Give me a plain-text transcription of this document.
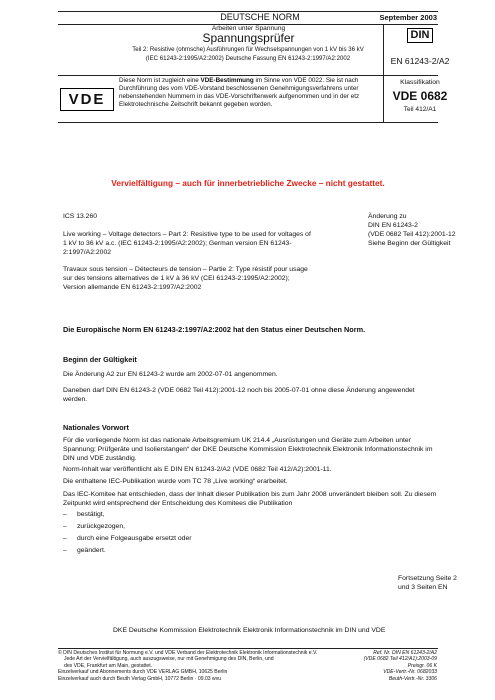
DEUTSCHE NORM	September 2003
Arbeiten unter Spannung
Spannungsprüfer
Teil 2: Resistive (ohmsche) Ausführungen für Wechselspannungen von 1 kV bis 36 kV
(IEC 61243-2:1995/A2:2002) Deutsche Fassung EN 61243-2:1997/A2:2002
DIN
EN 61243-2/A2
VDE
Diese Norm ist zugleich eine VDE-Bestimmung im Sinne von VDE 0022. Sie ist nach Durchführung des vom VDE-Vorstand beschlossenen Genehmigungsverfahrens unter nebenstehenden Nummern in das VDE-Vorschriftenwerk aufgenommen und in der etz Elektrotechnische Zeitschrift bekannt gegeben worden.
Klassifikation
VDE 0682
Teil 412/A1
Vervielfältigung – auch für innerbetriebliche Zwecke – nicht gestattet.
ICS 13.260
Live working – Voltage detectors – Part 2: Resistive type to be used for voltages of 1 kV to 36 kV a.c. (IEC 61243-2:1995/A2:2002); German version EN 61243-2:1997/A2:2002
Travaux sous tension – Détecteurs de tension – Partie 2: Type résistif pour usage sur des tensions alternatives de 1 kV à 36 kV (CEI 61243-2:1995/A2:2002); Version allemande EN 61243-2:1997/A2:2002
Änderung zu
DIN EN 61243-2
(VDE 0682 Teil 412):2001-12
Siehe Beginn der Gültigkeit
Die Europäische Norm EN 61243-2:1997/A2:2002 hat den Status einer Deutschen Norm.
Beginn der Gültigkeit
Die Änderung A2 zur EN 61243-2 wurde am 2002-07-01 angenommen.
Daneben darf DIN EN 61243-2 (VDE 0682 Teil 412):2001-12 noch bis 2005-07-01 ohne diese Änderung angewendet werden.
Nationales Vorwort
Für die vorliegende Norm ist das nationale Arbeitsgremium UK 214.4 „Ausrüstungen und Geräte zum Arbeiten unter Spannung; Prüfgeräte und Isolierstangen“ der DKE Deutsche Kommission Elektrotechnik Elektronik Informationstechnik im DIN und VDE zuständig.
Norm-Inhalt war veröffentlicht als E DIN EN 61243-2/A2 (VDE 0682 Teil 412/A2):2001-11.
Die enthaltene IEC-Publikation wurde vom TC 78 „Live working“ erarbeitet.
Das IEC-Komitee hat entschieden, dass der Inhalt dieser Publikation bis zum Jahr 2008 unverändert bleiben soll. Zu diesem Zeitpunkt wird entsprechend der Entscheidung des Komitees die Publikation
– bestätigt,
– zurückgezogen,
– durch eine Folgeausgabe ersetzt oder
– geändert.
Fortsetzung Seite 2
und 3 Seiten EN
DKE Deutsche Kommission Elektrotechnik Elektronik Informationstechnik im DIN und VDE
© DIN Deutsches Institut für Normung e.V. und VDE Verband der Elektrotechnik Elektronik Informationstechnik e.V.
Jede Art der Vervielfältigung, auch auszugsweise, nur mit Genehmigung des DIN, Berlin, und
des VDE, Frankfurt am Main, gestattet.
Einzelverkauf und Abonnements durch VDE VERLAG GMBH, 10625 Berlin
Einzelverkauf auch durch Beuth Verlag GmbH, 10772 Berlin · 09.03 wvu
Ref. Nr. DIN EN 61243-2/A2
(VDE 0682 Teil 412/A1):2003-09
Preisgr. 06 K
VDE-Vertr.-Nr. 0682033
Beuth-Vertr.-Nr. 3306
